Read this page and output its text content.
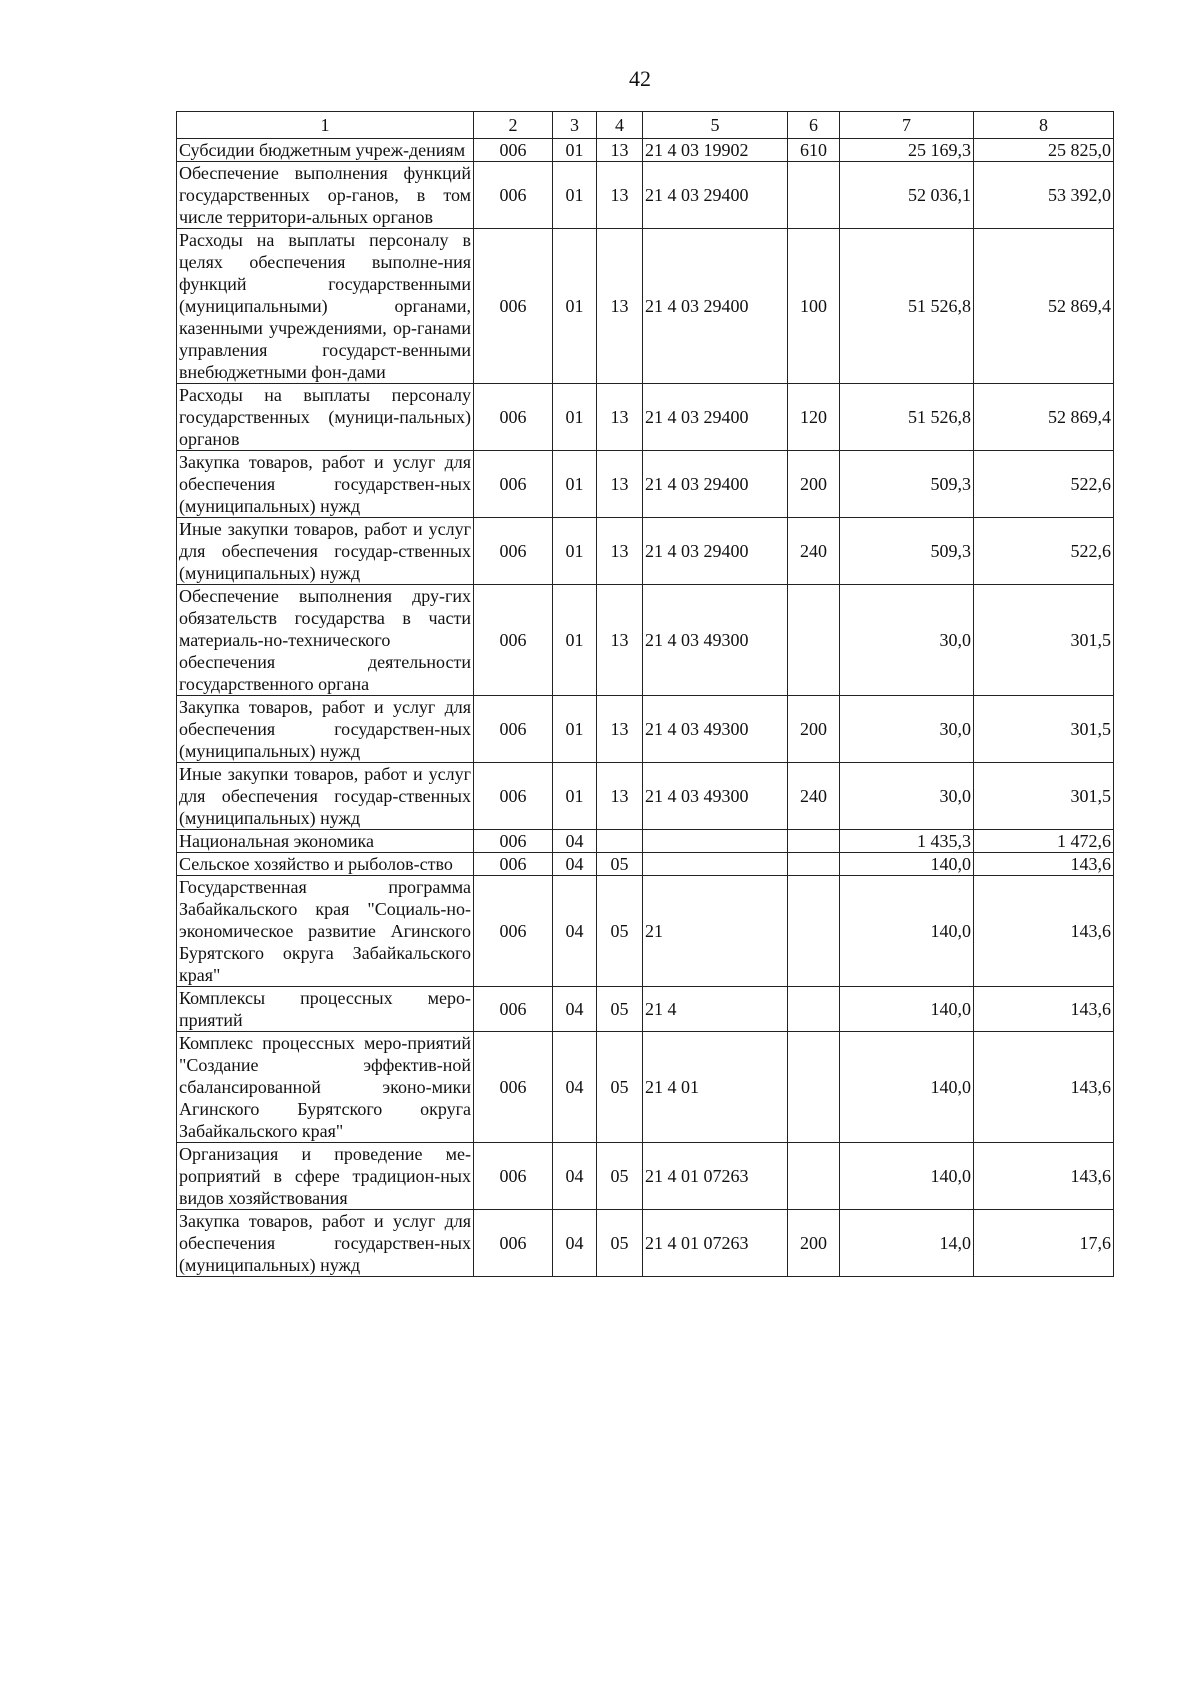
42
1	2	3	4	5	6	7	8
Субсидии бюджетным учреж-дениям	006	01	13	21 4 03 19902	610	25 169,3	25 825,0
Обеспечение выполнения функций государственных ор-ганов, в том числе территори-альных органов	006	01	13	21 4 03 29400		52 036,1	53 392,0
Расходы на выплаты персоналу в целях обеспечения выполне-ния функций государственными (муниципальными) органами, казенными учреждениями, ор-ганами управления государст-венными внебюджетными фон-дами	006	01	13	21 4 03 29400	100	51 526,8	52 869,4
Расходы на выплаты персоналу государственных (муници-пальных) органов	006	01	13	21 4 03 29400	120	51 526,8	52 869,4
Закупка товаров, работ и услуг для обеспечения государствен-ных (муниципальных) нужд	006	01	13	21 4 03 29400	200	509,3	522,6
Иные закупки товаров, работ и услуг для обеспечения государ-ственных (муниципальных) нужд	006	01	13	21 4 03 29400	240	509,3	522,6
Обеспечение выполнения дру-гих обязательств государства в части материаль-но-технического обеспечения деятельности государственного органа	006	01	13	21 4 03 49300		30,0	301,5
Закупка товаров, работ и услуг для обеспечения государствен-ных (муниципальных) нужд	006	01	13	21 4 03 49300	200	30,0	301,5
Иные закупки товаров, работ и услуг для обеспечения государ-ственных (муниципальных) нужд	006	01	13	21 4 03 49300	240	30,0	301,5
Национальная экономика	006	04				1 435,3	1 472,6
Сельское хозяйство и рыболов-ство	006	04	05			140,0	143,6
Государственная программа Забайкальского края "Социаль-но-экономическое развитие Агинского Бурятского округа Забайкальского края"	006	04	05	21		140,0	143,6
Комплексы процессных меро-приятий	006	04	05	21 4		140,0	143,6
Комплекс процессных меро-приятий "Создание эффектив-ной сбалансированной эконо-мики Агинского Бурятского округа Забайкальского края"	006	04	05	21 4 01		140,0	143,6
Организация и проведение ме-роприятий в сфере традицион-ных видов хозяйствования	006	04	05	21 4 01 07263		140,0	143,6
Закупка товаров, работ и услуг для обеспечения государствен-ных (муниципальных) нужд	006	04	05	21 4 01 07263	200	14,0	17,6
